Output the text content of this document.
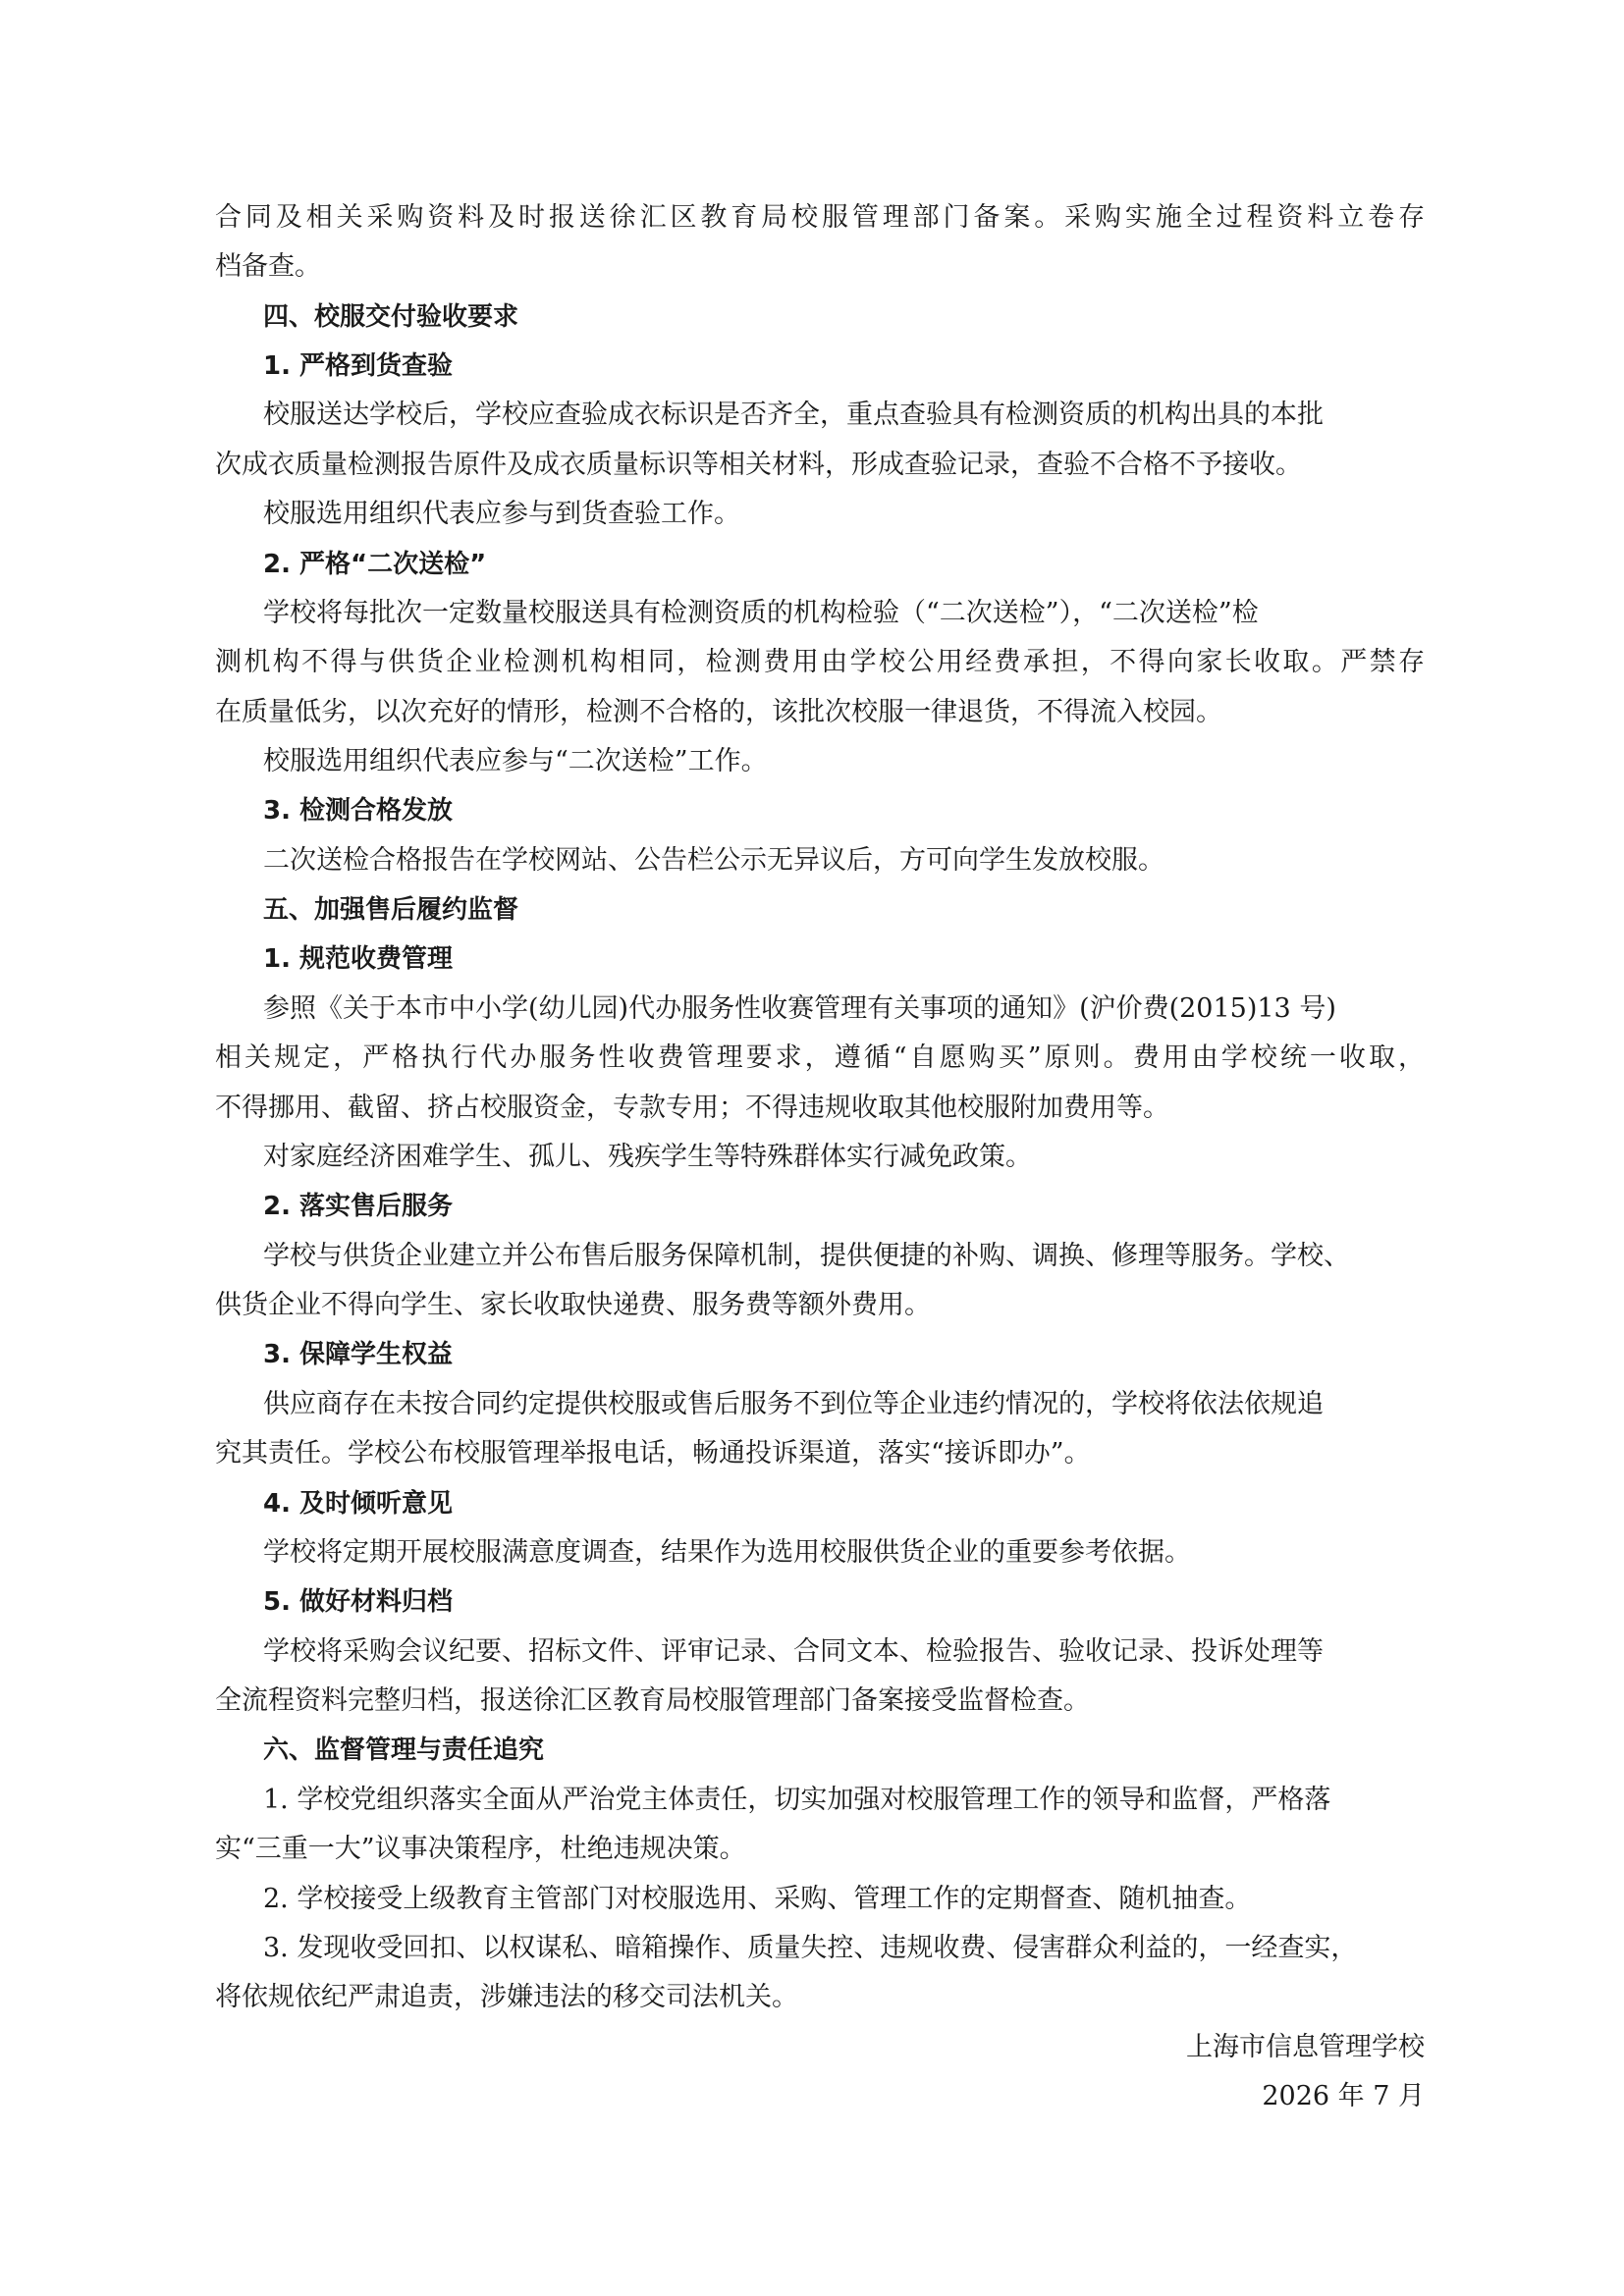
合同及相关采购资料及时报送徐汇区教育局校服管理部门备案。采购实施全过程资料立卷存
档备查。
四、校服交付验收要求
1. 严格到货查验
校服送达学校后，学校应查验成衣标识是否齐全，重点查验具有检测资质的机构出具的本批
次成衣质量检测报告原件及成衣质量标识等相关材料，形成查验记录，查验不合格不予接收。
校服选用组织代表应参与到货查验工作。
2. 严格“二次送检”
学校将每批次一定数量校服送具有检测资质的机构检验（“二次送检”），“二次送检”检
测机构不得与供货企业检测机构相同，检测费用由学校公用经费承担，不得向家长收取。严禁存
在质量低劣，以次充好的情形，检测不合格的，该批次校服一律退货，不得流入校园。
校服选用组织代表应参与“二次送检”工作。
3. 检测合格发放
二次送检合格报告在学校网站、公告栏公示无异议后，方可向学生发放校服。
五、加强售后履约监督
1. 规范收费管理
参照《关于本市中小学(幼儿园)代办服务性收赛管理有关事项的通知》(沪价费(2015)13 号)
相关规定，严格执行代办服务性收费管理要求，遵循“自愿购买”原则。费用由学校统一收取，
不得挪用、截留、挤占校服资金，专款专用；不得违规收取其他校服附加费用等。
对家庭经济困难学生、孤儿、残疾学生等特殊群体实行减免政策。
2. 落实售后服务
学校与供货企业建立并公布售后服务保障机制，提供便捷的补购、调换、修理等服务。学校、
供货企业不得向学生、家长收取快递费、服务费等额外费用。
3. 保障学生权益
供应商存在未按合同约定提供校服或售后服务不到位等企业违约情况的，学校将依法依规追
究其责任。学校公布校服管理举报电话，畅通投诉渠道，落实“接诉即办”。
4. 及时倾听意见
学校将定期开展校服满意度调查，结果作为选用校服供货企业的重要参考依据。
5. 做好材料归档
学校将采购会议纪要、招标文件、评审记录、合同文本、检验报告、验收记录、投诉处理等
全流程资料完整归档，报送徐汇区教育局校服管理部门备案接受监督检查。
六、监督管理与责任追究
1. 学校党组织落实全面从严治党主体责任，切实加强对校服管理工作的领导和监督，严格落
实“三重一大”议事决策程序，杜绝违规决策。
2. 学校接受上级教育主管部门对校服选用、采购、管理工作的定期督查、随机抽查。
3. 发现收受回扣、以权谋私、暗箱操作、质量失控、违规收费、侵害群众利益的，一经查实，
将依规依纪严肃追责，涉嫌违法的移交司法机关。
上海市信息管理学校
2026 年 7 月
